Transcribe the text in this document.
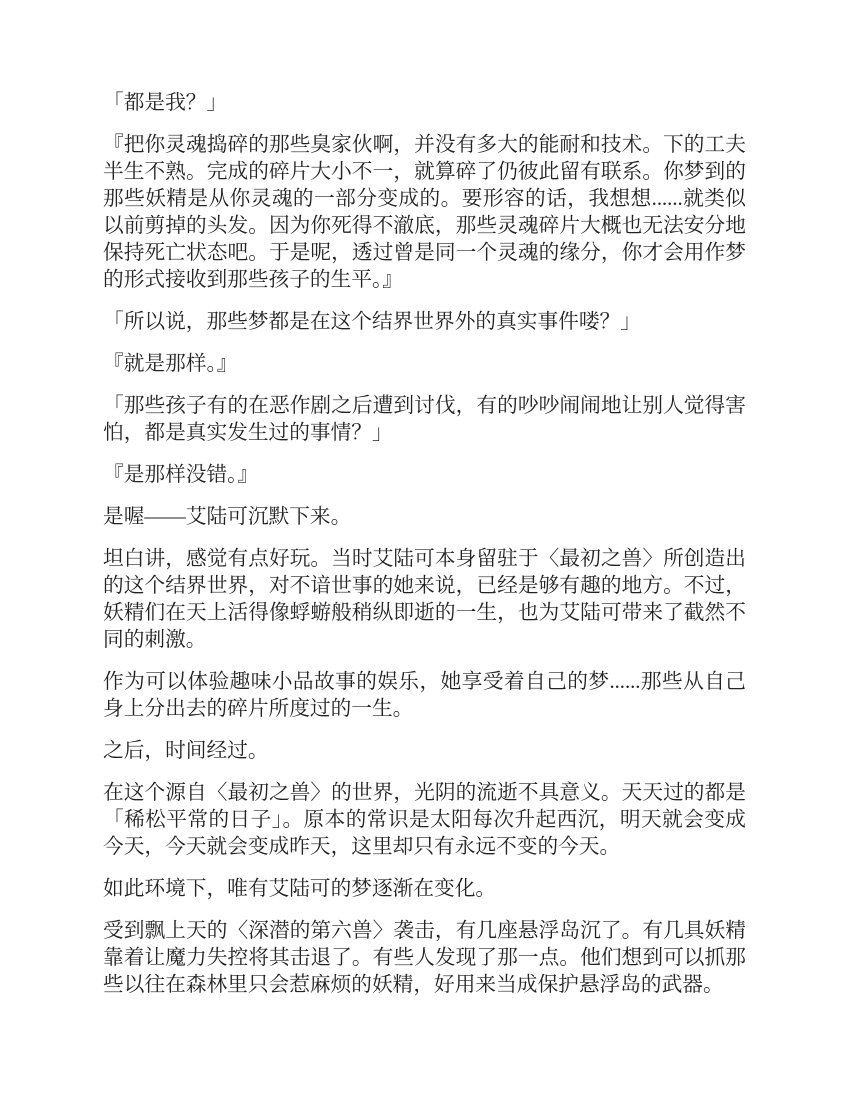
「都是我？」

『把你灵魂捣碎的那些臭家伙啊，并没有多大的能耐和技术。下的工夫半生不熟。完成的碎片大小不一，就算碎了仍彼此留有联系。你梦到的那些妖精是从你灵魂的一部分变成的。要形容的话，我想想......就类似以前剪掉的头发。因为你死得不澈底，那些灵魂碎片大概也无法安分地保持死亡状态吧。于是呢，透过曾是同一个灵魂的缘分，你才会用作梦的形式接收到那些孩子的生平。』

「所以说，那些梦都是在这个结界世界外的真实事件喽？」

『就是那样。』

「那些孩子有的在恶作剧之后遭到讨伐，有的吵吵闹闹地让别人觉得害怕，都是真实发生过的事情？」

『是那样没错。』

是喔——艾陆可沉默下来。

坦白讲，感觉有点好玩。当时艾陆可本身留驻于〈最初之兽〉所创造出的这个结界世界，对不谙世事的她来说，已经是够有趣的地方。不过，妖精们在天上活得像蜉蝣般稍纵即逝的一生，也为艾陆可带来了截然不同的刺激。

作为可以体验趣味小品故事的娱乐，她享受着自己的梦......那些从自己身上分出去的碎片所度过的一生。

之后，时间经过。

在这个源自〈最初之兽〉的世界，光阴的流逝不具意义。天天过的都是「稀松平常的日子」。原本的常识是太阳每次升起西沉，明天就会变成今天，今天就会变成昨天，这里却只有永远不变的今天。

如此环境下，唯有艾陆可的梦逐渐在变化。

受到飘上天的〈深潜的第六兽〉袭击，有几座悬浮岛沉了。有几具妖精靠着让魔力失控将其击退了。有些人发现了那一点。他们想到可以抓那些以往在森林里只会惹麻烦的妖精，好用来当成保护悬浮岛的武器。
